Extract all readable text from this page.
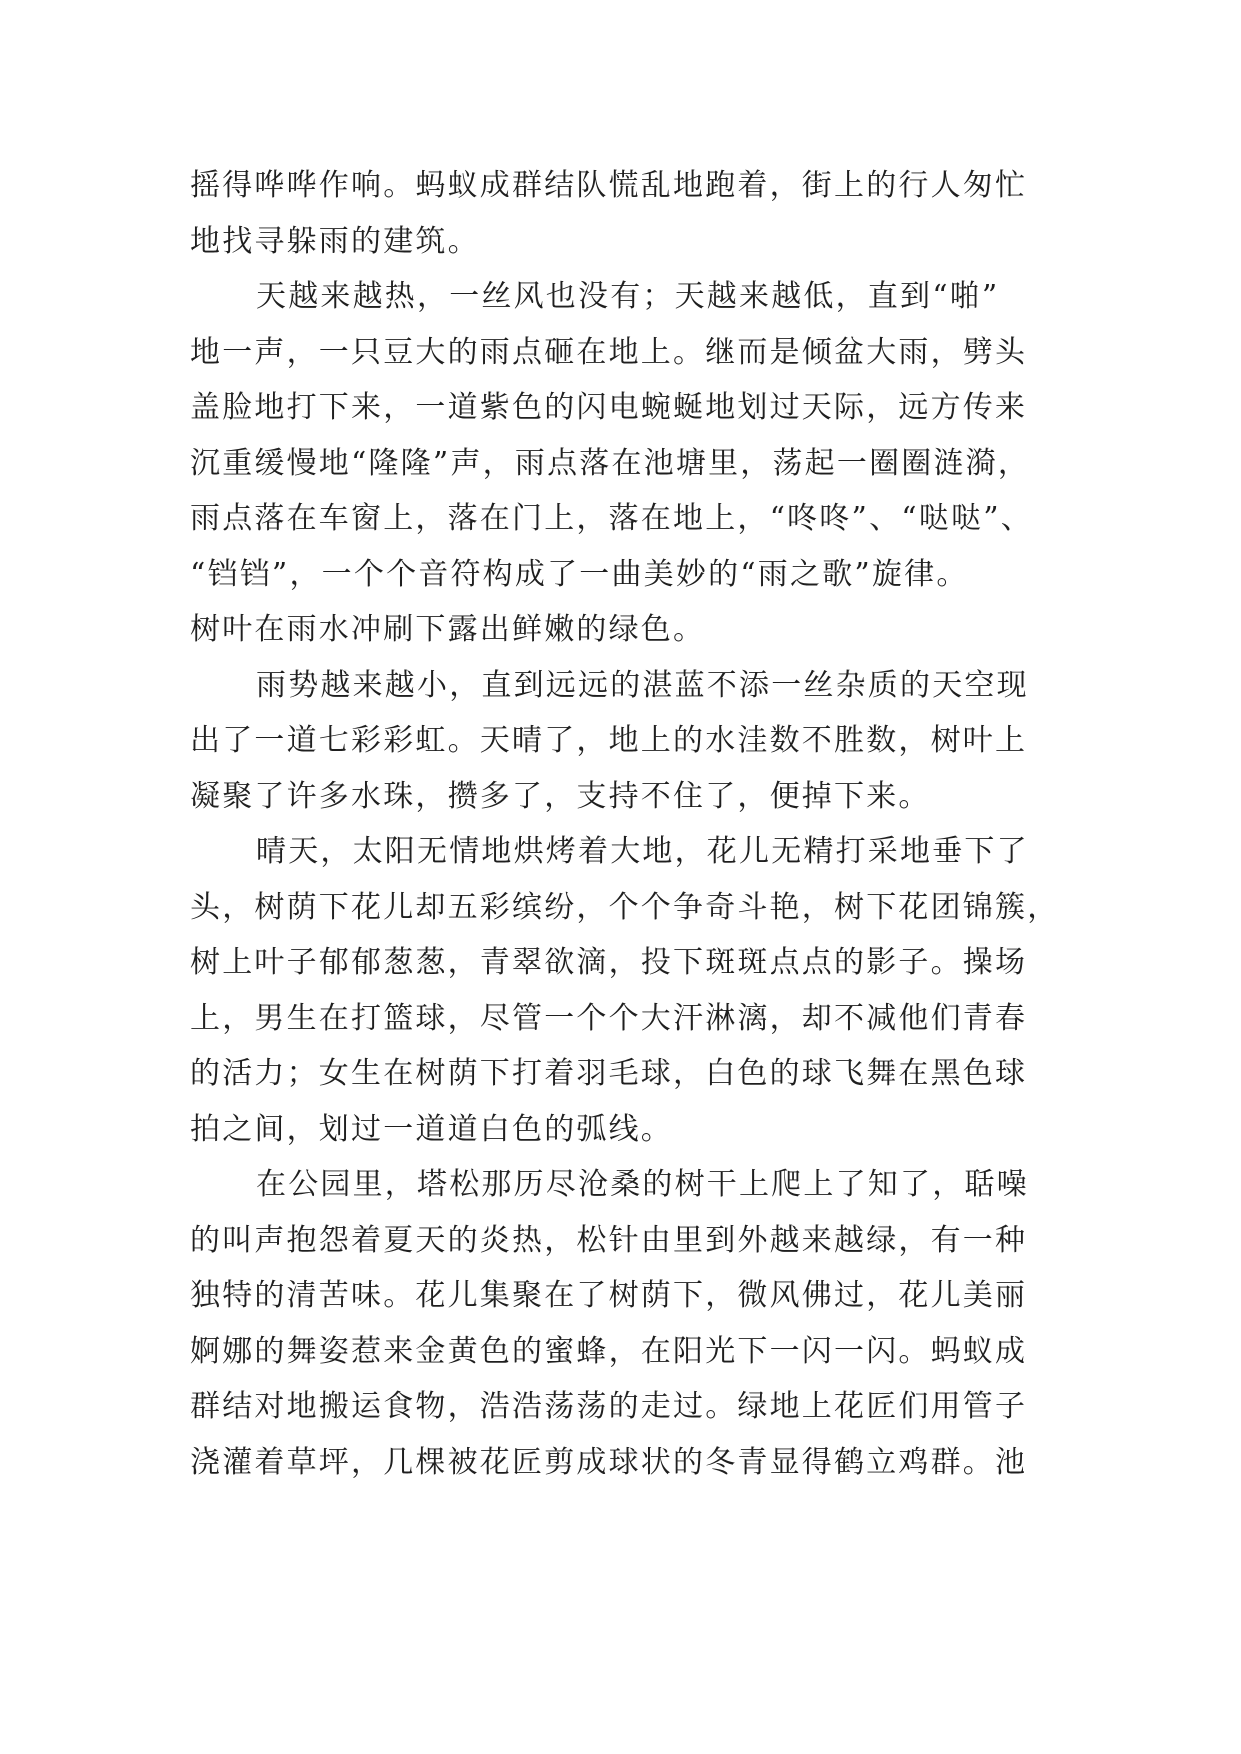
摇得哗哗作响。蚂蚁成群结队慌乱地跑着，街上的行人匆忙
地找寻躲雨的建筑。
天越来越热，一丝风也没有；天越来越低，直到“啪”
地一声，一只豆大的雨点砸在地上。继而是倾盆大雨，劈头
盖脸地打下来，一道紫色的闪电蜿蜒地划过天际，远方传来
沉重缓慢地“隆隆”声，雨点落在池塘里，荡起一圈圈涟漪，
雨点落在车窗上，落在门上，落在地上，“咚咚”、“哒哒”、
“铛铛”，一个个音符构成了一曲美妙的“雨之歌”旋律。
树叶在雨水冲刷下露出鲜嫩的绿色。
雨势越来越小，直到远远的湛蓝不添一丝杂质的天空现
出了一道七彩彩虹。天晴了，地上的水洼数不胜数，树叶上
凝聚了许多水珠，攒多了，支持不住了，便掉下来。
晴天，太阳无情地烘烤着大地，花儿无精打采地垂下了
头，树荫下花儿却五彩缤纷，个个争奇斗艳，树下花团锦簇，
树上叶子郁郁葱葱，青翠欲滴，投下斑斑点点的影子。操场
上，男生在打篮球，尽管一个个大汗淋漓，却不减他们青春
的活力；女生在树荫下打着羽毛球，白色的球飞舞在黑色球
拍之间，划过一道道白色的弧线。
在公园里，塔松那历尽沧桑的树干上爬上了知了，聒噪
的叫声抱怨着夏天的炎热，松针由里到外越来越绿，有一种
独特的清苦味。花儿集聚在了树荫下，微风佛过，花儿美丽
婀娜的舞姿惹来金黄色的蜜蜂，在阳光下一闪一闪。蚂蚁成
群结对地搬运食物，浩浩荡荡的走过。绿地上花匠们用管子
浇灌着草坪，几棵被花匠剪成球状的冬青显得鹤立鸡群。池
